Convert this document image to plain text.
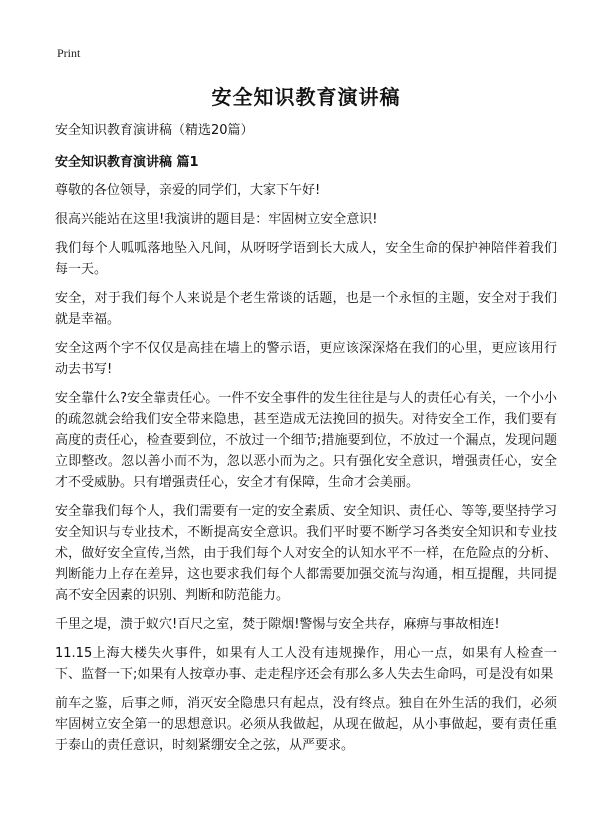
Print
安全知识教育演讲稿
安全知识教育演讲稿（精选20篇）
安全知识教育演讲稿 篇1

尊敬的各位领导，亲爱的同学们，大家下午好!

很高兴能站在这里!我演讲的题目是：牢固树立安全意识!

我们每个人呱呱落地坠入凡间，从呀呀学语到长大成人，安全生命的保护神陪伴着我们每一天。

安全，对于我们每个人来说是个老生常谈的话题，也是一个永恒的主题，安全对于我们就是幸福。

安全这两个字不仅仅是高挂在墙上的警示语，更应该深深烙在我们的心里，更应该用行动去书写!

安全靠什么?安全靠责任心。一件不安全事件的发生往往是与人的责任心有关，一个小小的疏忽就会给我们安全带来隐患，甚至造成无法挽回的损失。对待安全工作，我们要有高度的责任心，检查要到位，不放过一个细节;措施要到位，不放过一个漏点，发现问题立即整改。忽以善小而不为，忽以恶小而为之。只有强化安全意识，增强责任心，安全才不受威胁。只有增强责任心，安全才有保障，生命才会美丽。

安全靠我们每个人，我们需要有一定的安全素质、安全知识、责任心、等等,要坚持学习安全知识与专业技术，不断提高安全意识。我们平时要不断学习各类安全知识和专业技术，做好安全宣传,当然，由于我们每个人对安全的认知水平不一样，在危险点的分析、判断能力上存在差异，这也要求我们每个人都需要加强交流与沟通，相互提醒，共同提高不安全因素的识别、判断和防范能力。

千里之堤，溃于蚁穴!百尺之室，焚于隙烟!警惕与安全共存，麻痹与事故相连!

11.15上海大楼失火事件，如果有人工人没有违规操作，用心一点，如果有人检查一下、监督一下;如果有人按章办事、走走程序还会有那么多人失去生命吗，可是没有如果

前车之鉴，后事之师，消灭安全隐患只有起点，没有终点。独自在外生活的我们，必须牢固树立安全第一的思想意识。必须从我做起，从现在做起，从小事做起，要有责任重于泰山的责任意识，时刻紧绷安全之弦，从严要求。
